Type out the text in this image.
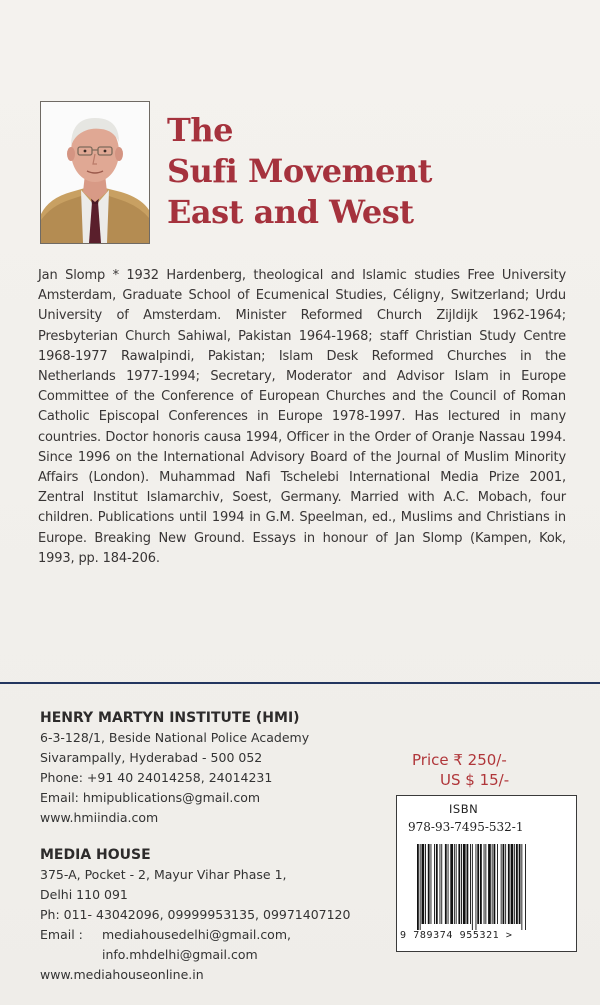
The
Sufi Movement
East and West
Jan Slomp * 1932 Hardenberg, theological and Islamic studies Free University Amsterdam, Graduate School of Ecumenical Studies, Céligny, Switzerland; Urdu University of Amsterdam. Minister Reformed Church Zijldijk 1962-1964; Presbyterian Church Sahiwal, Pakistan 1964-1968; staff Christian Study Centre 1968-1977 Rawalpindi, Pakistan; Islam Desk Reformed Churches in the Netherlands 1977-1994; Secretary, Moderator and Advisor Islam in Europe Committee of the Conference of European Churches and the Council of Roman Catholic Episcopal Conferences in Europe 1978-1997. Has lectured in many countries. Doctor honoris causa 1994, Officer in the Order of Oranje Nassau 1994. Since 1996 on the International Advisory Board of the Journal of Muslim Minority Affairs (London). Muhammad Nafi Tschelebi International Media Prize 2001, Zentral Institut Islamarchiv, Soest, Germany. Married with A.C. Mobach, four children. Publications until 1994 in G.M. Speelman, ed., Muslims and Christians in Europe. Breaking New Ground. Essays in honour of Jan Slomp (Kampen, Kok, 1993, pp. 184-206.
HENRY MARTYN INSTITUTE (HMI)
6-3-128/1, Beside National Police Academy
Sivarampally, Hyderabad - 500 052
Phone: +91 40 24014258, 24014231
Email: hmipublications@gmail.com
www.hmiindia.com
MEDIA HOUSE
375-A, Pocket - 2, Mayur Vihar Phase 1,
Delhi 110 091
Ph: 011- 43042096, 09999953135, 09971407120
Email :	mediahousedelhi@gmail.com,
info.mhdelhi@gmail.com
www.mediahouseonline.in
Price ₹ 250/-
US $ 15/-
ISBN
978-93-7495-532-1
9 789374 955321 >
